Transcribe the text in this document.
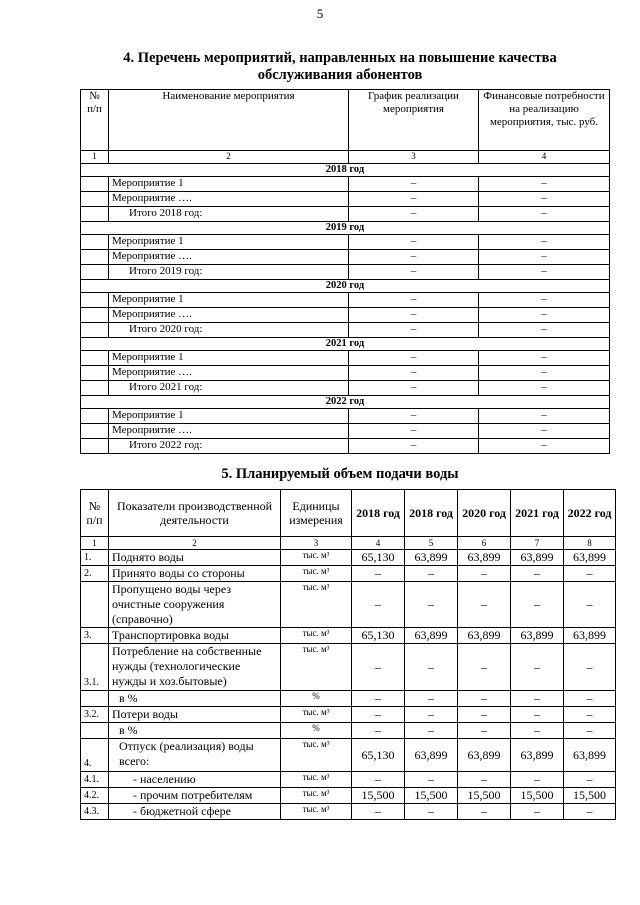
5
4. Перечень мероприятий, направленных на повышение качества
обслуживания абонентов
№ п/п	Наименование мероприятия	График реализации мероприятия	Финансовые потребности на реализацию мероприятия, тыс. руб.
1	2	3	4
2018 год			
	Мероприятие 1	–	–
	Мероприятие ….	–	–
	Итого 2018 год:	–	–
2019 год			
	Мероприятие 1	–	–
	Мероприятие ….	–	–
	Итого 2019 год:	–	–
2020 год			
	Мероприятие 1	–	–
	Мероприятие ….	–	–
	Итого 2020 год:	–	–
2021 год			
	Мероприятие 1	–	–
	Мероприятие ….	–	–
	Итого 2021 год:	–	–
2022 год			
	Мероприятие 1	–	–
	Мероприятие ….	–	–
	Итого 2022 год:	–	–
5. Планируемый объем подачи воды
№ п/п	Показатели производственной деятельности	Единицы измерения	2018 год	2018 год	2020 год	2021 год	2022 год
1	2	3	4	5	6	7	8
1.	Поднято воды	тыс. м³	65,130	63,899	63,899	63,899	63,899
2.	Принято воды со стороны	тыс. м³	–	–	–	–	–
	Пропущено воды через очистные сооружения (справочно)	тыс. м³	–	–	–	–	–
3.	Транспортировка воды	тыс. м³	65,130	63,899	63,899	63,899	63,899
3.1.	Потребление на собственные нужды (технологические нужды и хоз.бытовые)	тыс. м³	–	–	–	–	–
	в %	%	–	–	–	–	–
3.2.	Потери воды	тыс. м³	–	–	–	–	–
	в %	%	–	–	–	–	–
4.	Отпуск (реализация) воды всего:	тыс. м³	65,130	63,899	63,899	63,899	63,899
4.1.	- населению	тыс. м³	–	–	–	–	–
4.2.	- прочим потребителям	тыс. м³	15,500	15,500	15,500	15,500	15,500
4.3.	- бюджетной сфере	тыс. м³	–	–	–	–	–
